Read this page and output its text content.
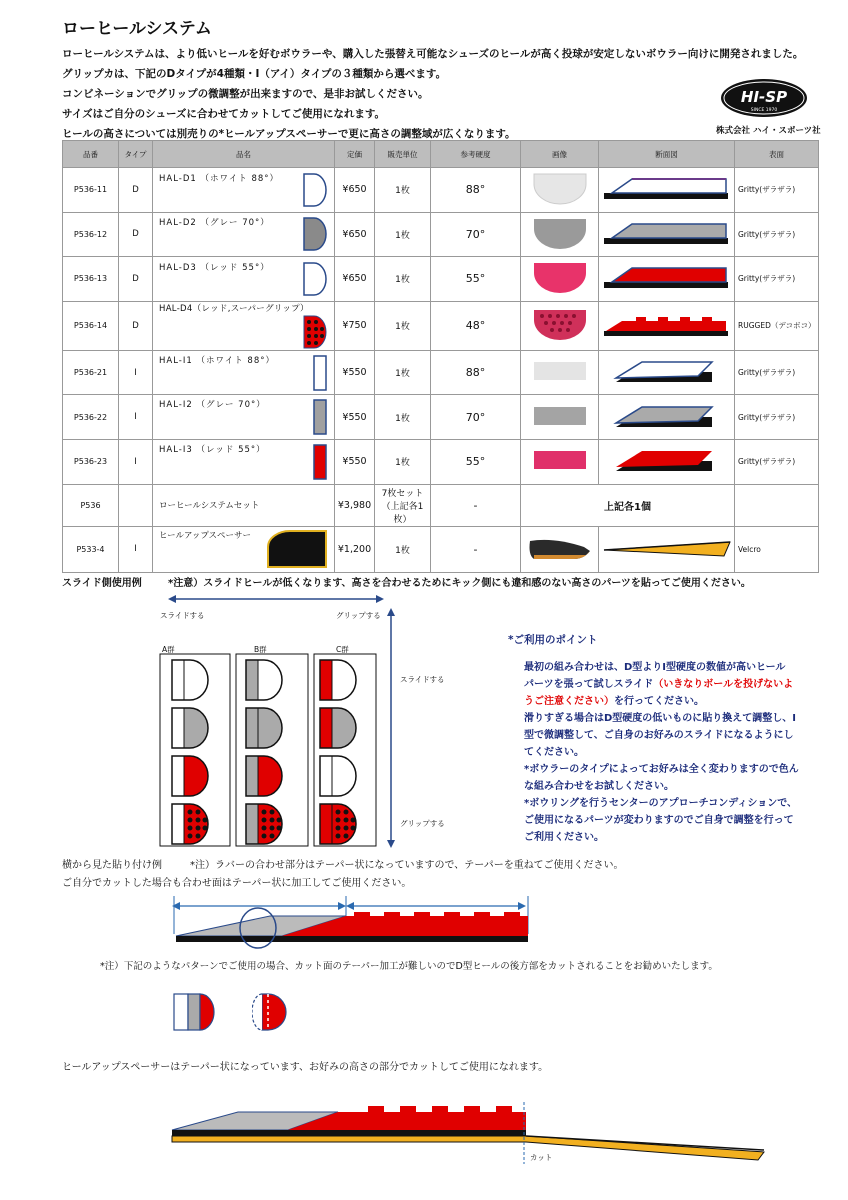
ローヒールシステム
ローヒールシステムは、より低いヒールを好むボウラーや、購入した張替え可能なシューズのヒールが高く投球が安定しないボウラー向けに開発されました。
グリップカは、下記のDタイプが4種類・I（アイ）タイプの３種類から選べます。
コンビネーションでグリップの微調整が出来ますので、是非お試しください。
サイズはご自分のシューズに合わせてカットしてご使用になれます。
ヒールの高さについては別売りの*ヒールアップスペーサーで更に高さの調整域が広くなります。
HI-SP
SINCE 1970
株式会社 ハイ・スポーツ社
品番	タイプ	品名	定価	販売単位	参考硬度	画像	断面図	表面
P536-11	D	HAL-D1 （ホワイト 88°）	¥650	1枚	88°			Gritty(ザラザラ)
P536-12	D	HAL-D2 （グレー 70°）	¥650	1枚	70°			Gritty(ザラザラ)
P536-13	D	HAL-D3 （レッド 55°）	¥650	1枚	55°			Gritty(ザラザラ)
P536-14	D	HAL-D4（レッド,スーパーグリップ）	¥750	1枚	48°			RUGGED（デコボコ）
P536-21	I	HAL-I1 （ホワイト 88°）	¥550	1枚	88°			Gritty(ザラザラ)
P536-22	I	HAL-I2 （グレー 70°）	¥550	1枚	70°			Gritty(ザラザラ)
P536-23	I	HAL-I3 （レッド 55°）	¥550	1枚	55°			Gritty(ザラザラ)
P536		ローヒールシステムセット	¥3,980	7枚セット
（上記各1枚）	-	上記各1個		
P533-4	I	ヒールアップスペーサー	¥1,200	1枚	-			Velcro
スライド側使用例	*注意）スライドヒールが低くなります、高さを合わせるためにキック側にも違和感のない高さのパーツを貼ってご使用ください。
スライドする	グリップする
A群	B群	C群
スライドする
グリップする
*ご利用のポイント
最初の組み合わせは、D型よりI型硬度の数値が高いヒール
パーツを張って試しスライド（いきなりボールを投げないよ
うご注意ください）を行ってください。
滑りすぎる場合はD型硬度の低いものに貼り換えて調整し、I
型で微調整して、ご自身のお好みのスライドになるようにし
てください。
*ボウラーのタイプによってお好みは全く変わりますので色ん
な組み合わせをお試しください。
*ボウリングを行うセンターのアプローチコンディションで、
ご使用になるパーツが変わりますのでご自身で調整を行って
ご利用ください。
横から見た貼り付け例	*注）ラバーの合わせ部分はテーパー状になっていますので、テーパーを重ねてご使用ください。
ご自分でカットした場合も合わせ面はテーパー状に加工してご使用ください。
*注）下記のようなパターンでご使用の場合、カット面のテーパー加工が難しいのでD型ヒールの後方部をカットされることをお勧めいたします。
ヒールアップスペーサーはテーパー状になっています、お好みの高さの部分でカットしてご使用になれます。
カット
